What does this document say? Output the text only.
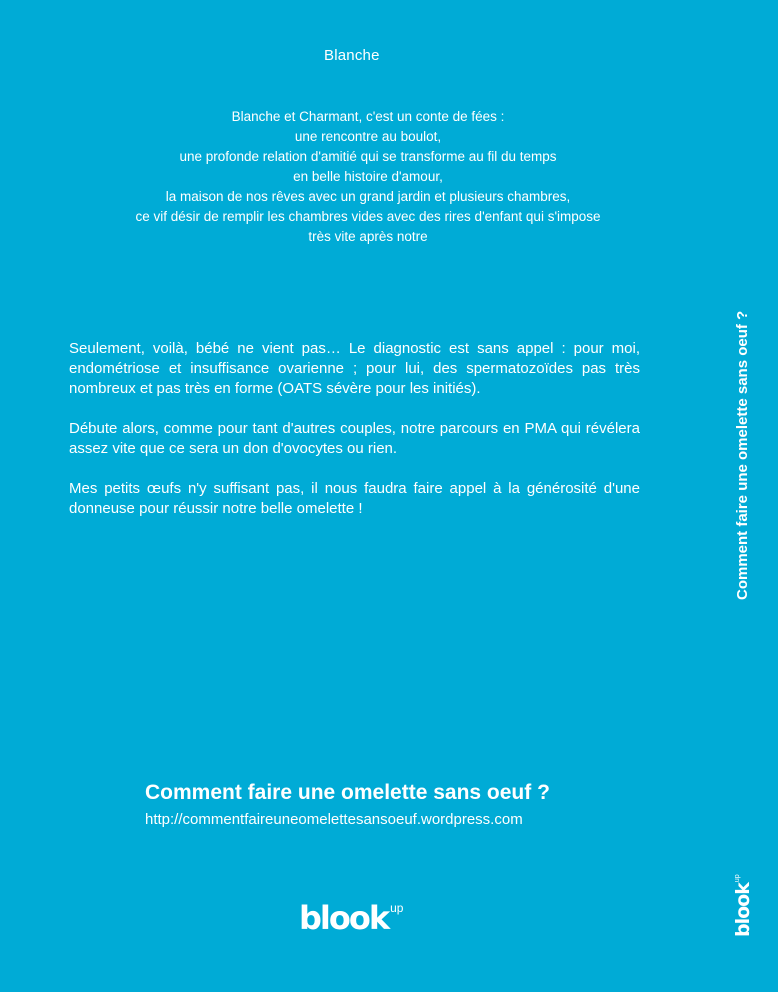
Blanche
Blanche et Charmant, c'est un conte de fées :
une rencontre au boulot,
une profonde relation d'amitié qui se transforme au fil du temps
en belle histoire d'amour,
la maison de nos rêves avec un grand jardin et plusieurs chambres,
ce vif désir de remplir les chambres vides avec des rires d'enfant qui s'impose
très vite après notre

Seulement, voilà, bébé ne vient pas… Le diagnostic est sans appel : pour moi, endométriose et insuffisance ovarienne ; pour lui, des spermatozoïdes pas très nombreux et pas très en forme (OATS sévère pour les initiés).

Débute alors, comme pour tant d'autres couples, notre parcours en PMA qui révélera assez vite que ce sera un don d'ovocytes ou rien.

Mes petits œufs n'y suffisant pas, il nous faudra faire appel à la générosité d'une donneuse pour réussir notre belle omelette !

Comment faire une omelette sans oeuf ?
http://commentfaireuneomelettesansoeuf.wordpress.com
blook up
Comment faire une omelette sans oeuf ?
blook
up
